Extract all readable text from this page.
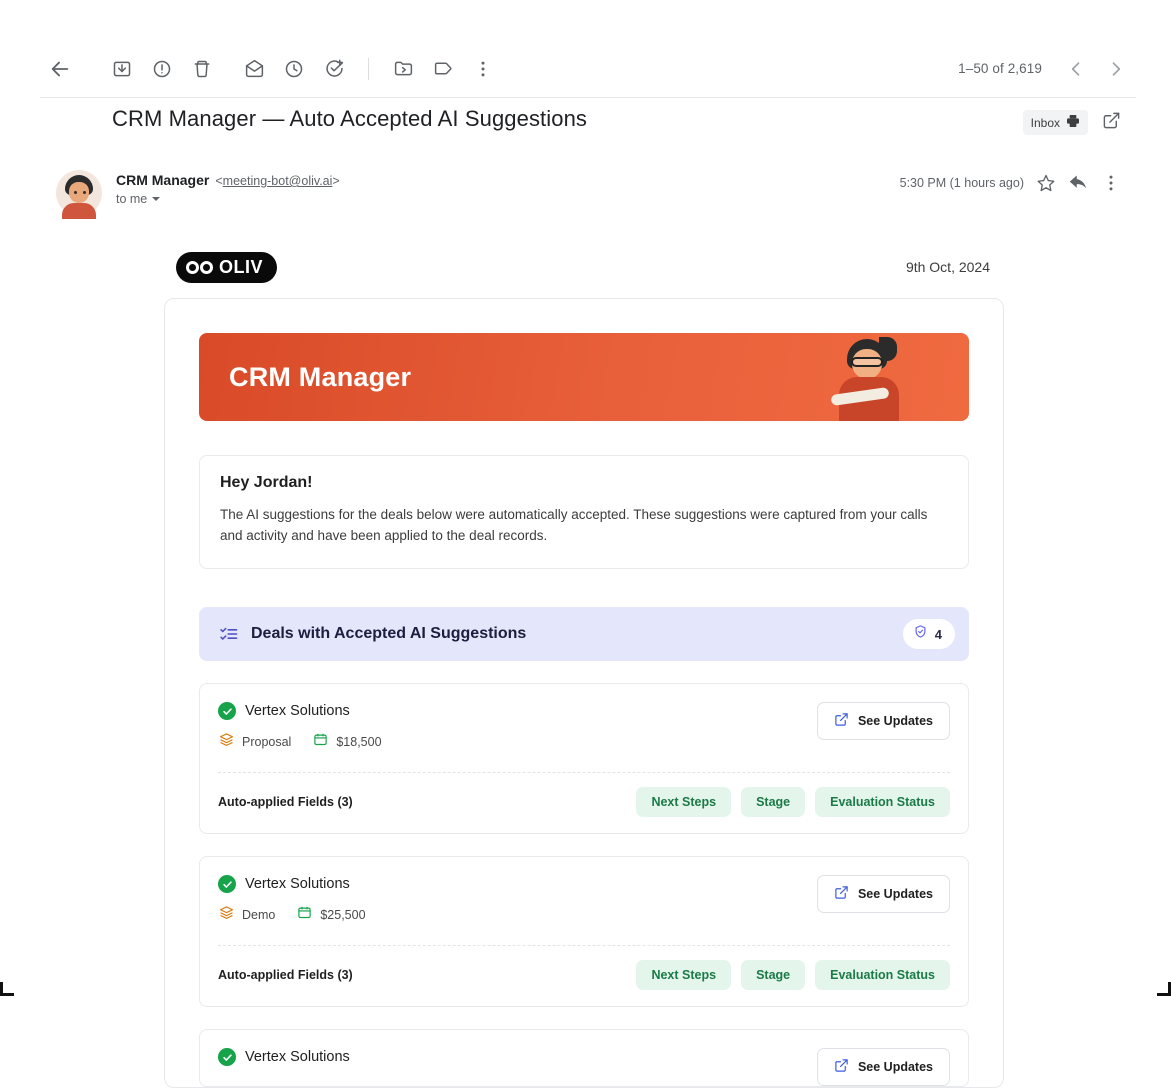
1–50 of 2,619
CRM Manager — Auto Accepted AI Suggestions	Inbox
CRM Manager <meeting-bot@oliv.ai>
to me
5:30 PM (1 hours ago)
OLIV	9th Oct, 2024
CRM Manager
Hey Jordan!
The AI suggestions for the deals below were automatically accepted. These suggestions were captured from your calls and activity and have been applied to the deal records.
Deals with Accepted AI Suggestions	4
Vertex Solutions
Proposal	$18,500
See Updates
Auto-applied Fields (3)	Next Steps	Stage	Evaluation Status
Vertex Solutions
Demo	$25,500
See Updates
Auto-applied Fields (3)	Next Steps	Stage	Evaluation Status
Vertex Solutions
See Updates
